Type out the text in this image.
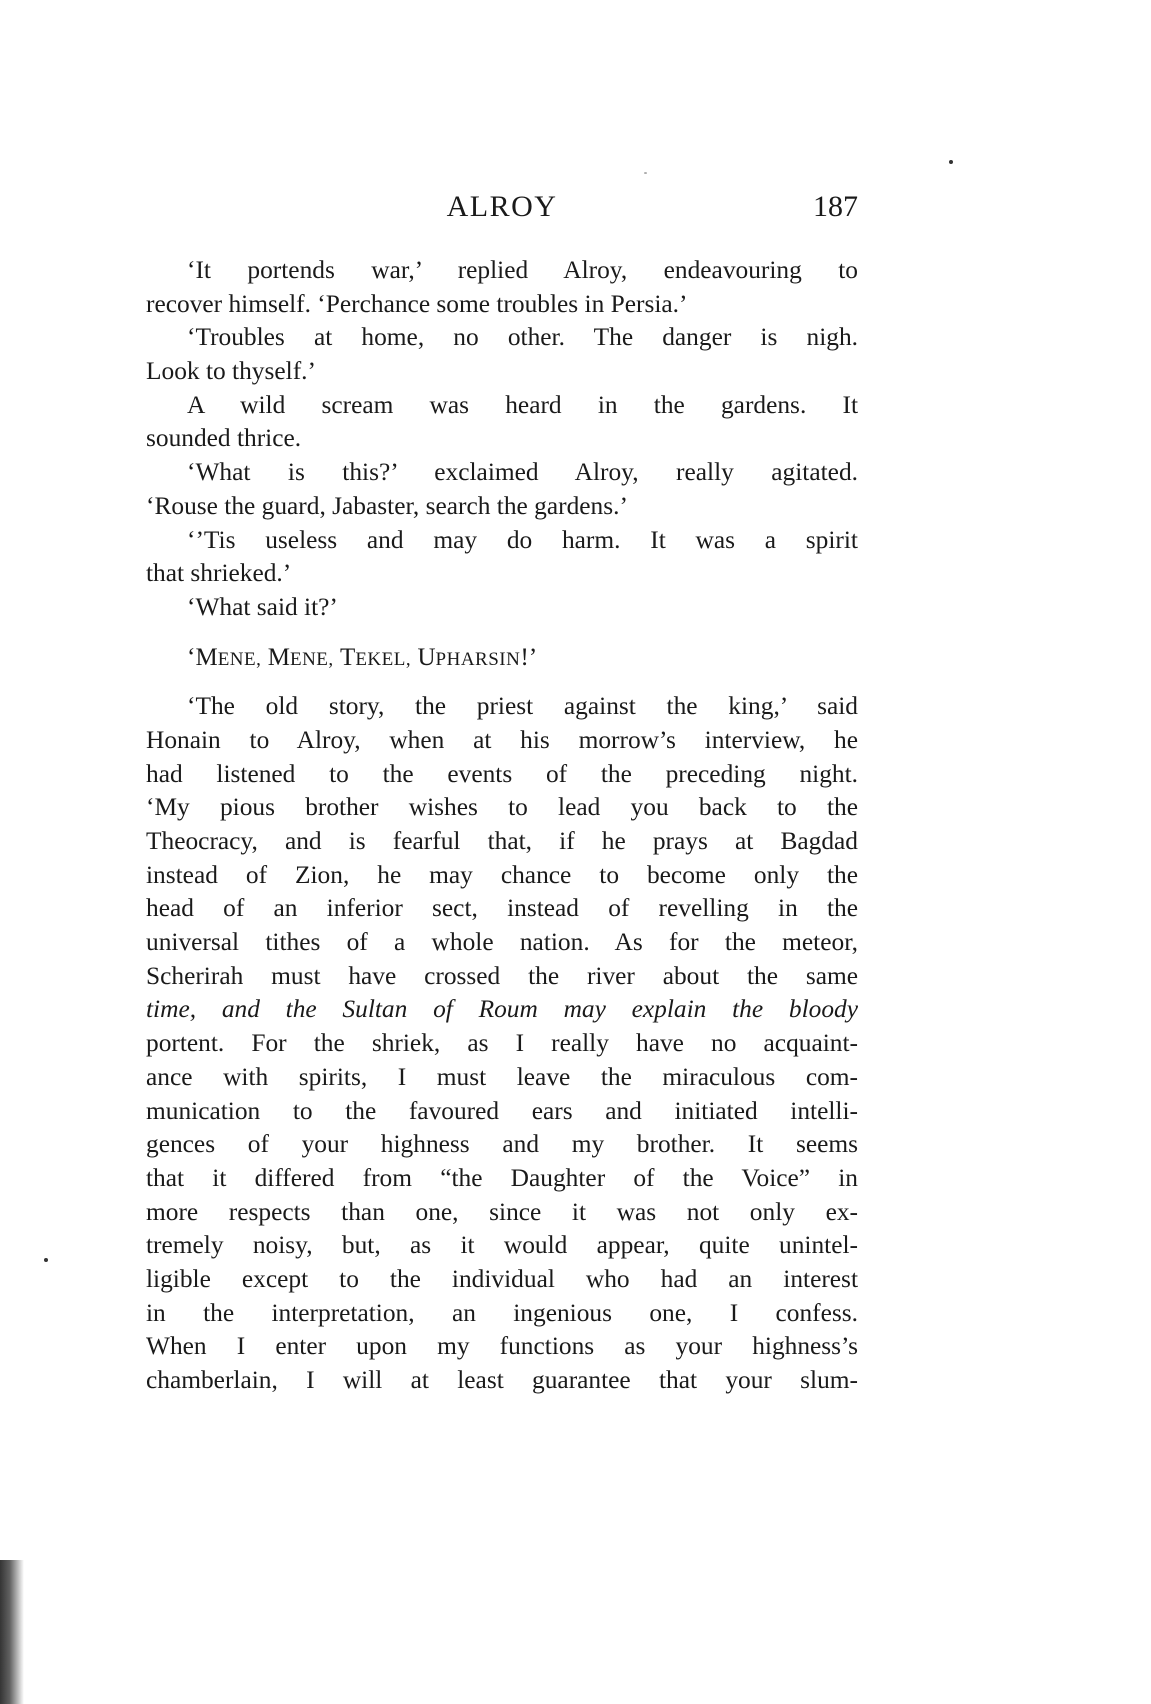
ALROY	187
‘It portends war,’ replied Alroy, endeavouring to
recover himself. ‘Perchance some troubles in Persia.’
‘Troubles at home, no other. The danger is nigh.
Look to thyself.’
A wild scream was heard in the gardens. It
sounded thrice.
‘What is this?’ exclaimed Alroy, really agitated.
‘Rouse the guard, Jabaster, search the gardens.’
‘’Tis useless and may do harm. It was a spirit
that shrieked.’
‘What said it?’
‘MENE, MENE, TEKEL, UPHARSIN!’
‘The old story, the priest against the king,’ said
Honain to Alroy, when at his morrow’s interview, he
had listened to the events of the preceding night.
‘My pious brother wishes to lead you back to the
Theocracy, and is fearful that, if he prays at Bagdad
instead of Zion, he may chance to become only the
head of an inferior sect, instead of revelling in the
universal tithes of a whole nation. As for the meteor,
Scherirah must have crossed the river about the same
time, and the Sultan of Roum may explain the bloody
portent. For the shriek, as I really have no acquaint-
ance with spirits, I must leave the miraculous com-
munication to the favoured ears and initiated intelli-
gences of your highness and my brother. It seems
that it differed from “the Daughter of the Voice” in
more respects than one, since it was not only ex-
tremely noisy, but, as it would appear, quite unintel-
ligible except to the individual who had an interest
in the interpretation, an ingenious one, I confess.
When I enter upon my functions as your highness’s
chamberlain, I will at least guarantee that your slum-
